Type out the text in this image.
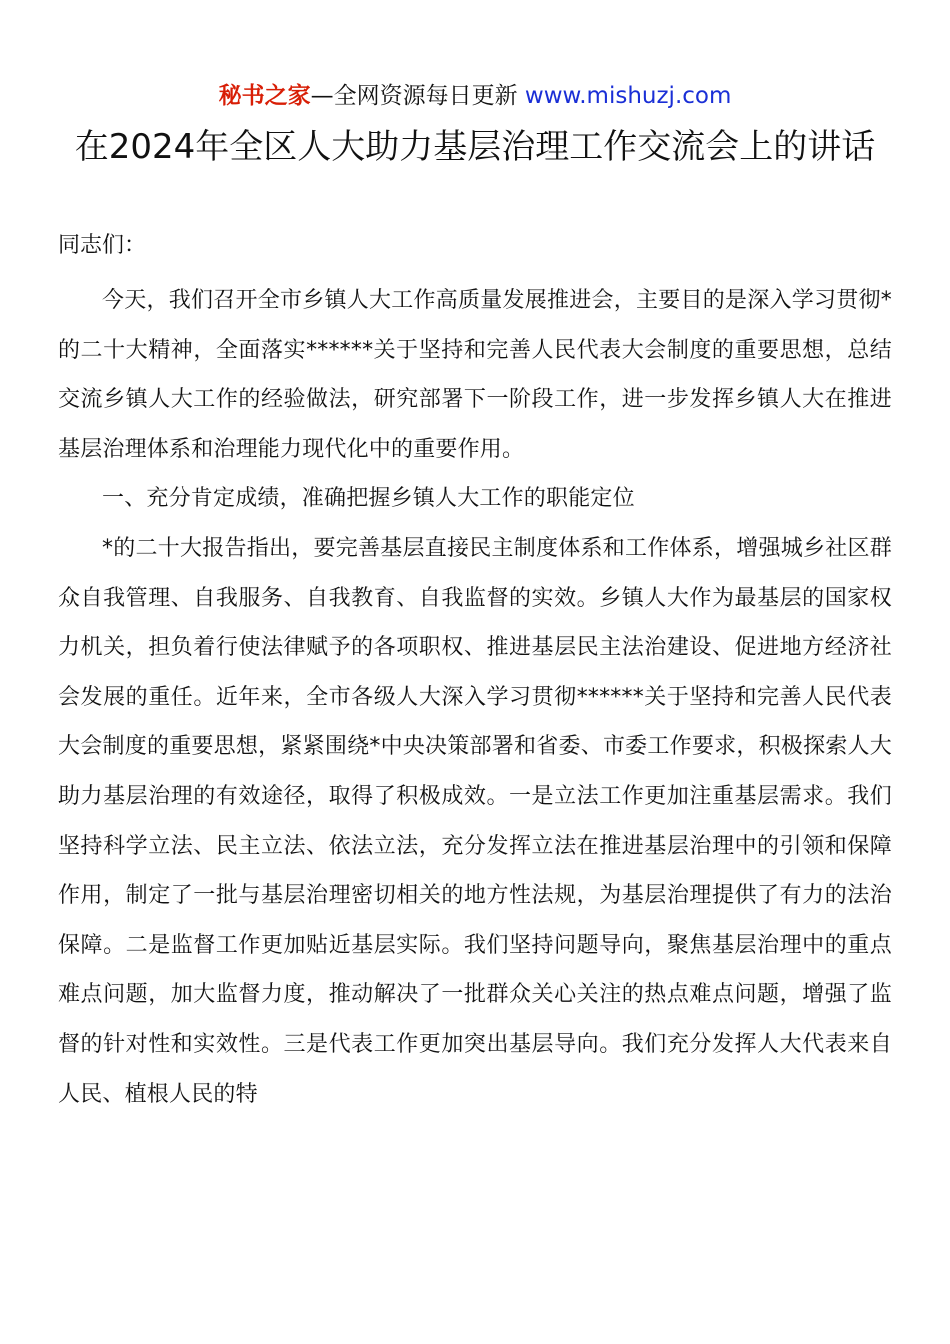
秘书之家—全网资源每日更新 www.mishuzj.com
在2024年全区人大助力基层治理工作交流会上的讲话

同志们：

今天，我们召开全市乡镇人大工作高质量发展推进会，主要目的是深入学习贯彻*的二十大精神，全面落实******关于坚持和完善人民代表大会制度的重要思想，总结交流乡镇人大工作的经验做法，研究部署下一阶段工作，进一步发挥乡镇人大在推进基层治理体系和治理能力现代化中的重要作用。

一、充分肯定成绩，准确把握乡镇人大工作的职能定位

*的二十大报告指出，要完善基层直接民主制度体系和工作体系，增强城乡社区群众自我管理、自我服务、自我教育、自我监督的实效。乡镇人大作为最基层的国家权力机关，担负着行使法律赋予的各项职权、推进基层民主法治建设、促进地方经济社会发展的重任。近年来，全市各级人大深入学习贯彻******关于坚持和完善人民代表大会制度的重要思想，紧紧围绕*中央决策部署和省委、市委工作要求，积极探索人大助力基层治理的有效途径，取得了积极成效。一是立法工作更加注重基层需求。我们坚持科学立法、民主立法、依法立法，充分发挥立法在推进基层治理中的引领和保障作用，制定了一批与基层治理密切相关的地方性法规，为基层治理提供了有力的法治保障。二是监督工作更加贴近基层实际。我们坚持问题导向，聚焦基层治理中的重点难点问题，加大监督力度，推动解决了一批群众关心关注的热点难点问题，增强了监督的针对性和实效性。三是代表工作更加突出基层导向。我们充分发挥人大代表来自人民、植根人民的特
